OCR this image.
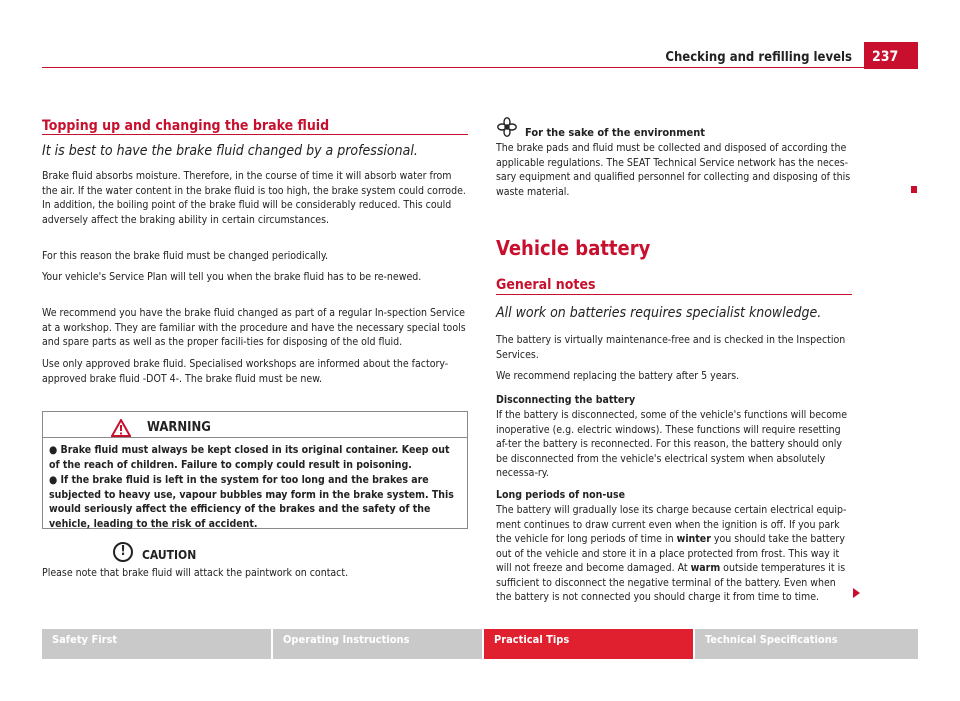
Checking and refilling levels	237
Topping up and changing the brake fluid
It is best to have the brake fluid changed by a professional.
Brake fluid absorbs moisture. Therefore, in the course of time it will absorb water from the air. If the water content in the brake fluid is too high, the brake system could corrode. In addition, the boiling point of the brake fluid will be considerably reduced. This could adversely affect the braking ability in certain circumstances.
For this reason the brake fluid must be changed periodically.
Your vehicle's Service Plan will tell you when the brake fluid has to be re-newed.
We recommend you have the brake fluid changed as part of a regular In-spection Service at a workshop. They are familiar with the procedure and have the necessary special tools and spare parts as well as the proper facili-ties for disposing of the old fluid.
Use only approved brake fluid. Specialised workshops are informed about the factory-approved brake fluid -DOT 4-. The brake fluid must be new.
WARNING
● Brake fluid must always be kept closed in its original container. Keep out of the reach of children. Failure to comply could result in poisoning.
● If the brake fluid is left in the system for too long and the brakes are subjected to heavy use, vapour bubbles may form in the brake system. This would seriously affect the efficiency of the brakes and the safety of the vehicle, leading to the risk of accident.
!	CAUTION
Please note that brake fluid will attack the paintwork on contact.
For the sake of the environment
The brake pads and fluid must be collected and disposed of according the applicable regulations. The SEAT Technical Service network has the neces-sary equipment and qualified personnel for collecting and disposing of this waste material.
Vehicle battery
General notes
All work on batteries requires specialist knowledge.
The battery is virtually maintenance-free and is checked in the Inspection Services.
We recommend replacing the battery after 5 years.
Disconnecting the battery
If the battery is disconnected, some of the vehicle's functions will become inoperative (e.g. electric windows). These functions will require resetting af-ter the battery is reconnected. For this reason, the battery should only be disconnected from the vehicle's electrical system when absolutely necessa-ry.
Long periods of non-use
The battery will gradually lose its charge because certain electrical equip-ment continues to draw current even when the ignition is off. If you park the vehicle for long periods of time in winter you should take the battery out of the vehicle and store it in a place protected from frost. This way it will not freeze and become damaged. At warm outside temperatures it is sufficient to disconnect the negative terminal of the battery. Even when the battery is not connected you should charge it from time to time.
Safety First	Operating Instructions	Practical Tips	Technical Specifications
